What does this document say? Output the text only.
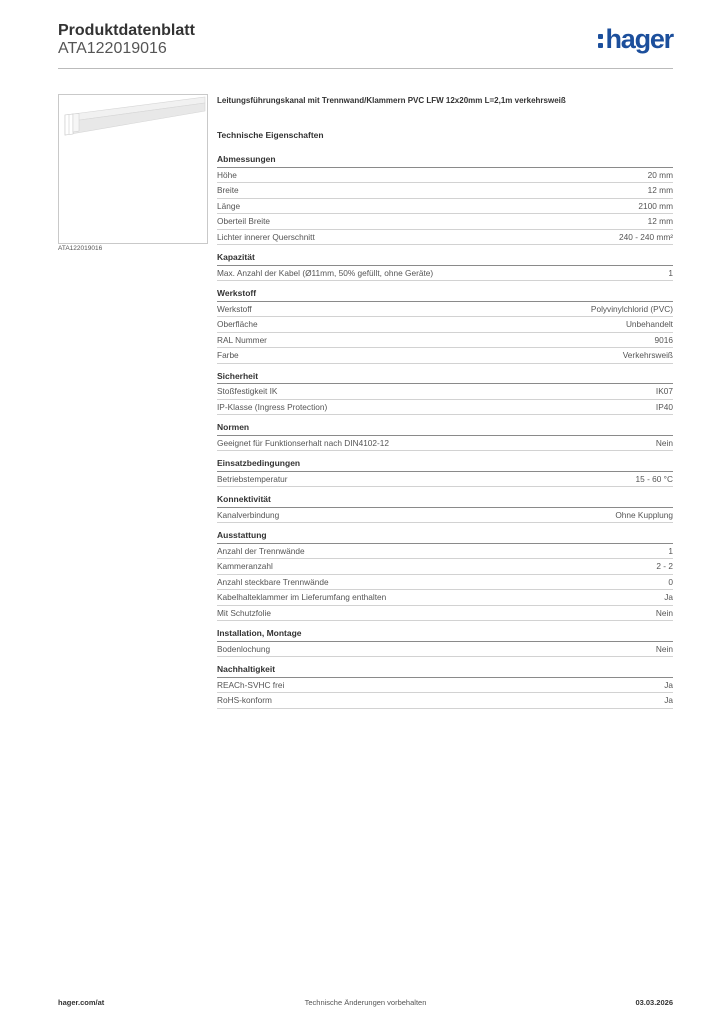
Produktdatenblatt
ATA122019016	hager
ATA122019016
Leitungsführungskanal mit Trennwand/Klammern PVC LFW 12x20mm L=2,1m verkehrsweiß
Technische Eigenschaften
Abmessungen
Höhe	20 mm
Breite	12 mm
Länge	2100 mm
Oberteil Breite	12 mm
Lichter innerer Querschnitt	240 - 240 mm²
Kapazität
Max. Anzahl der Kabel (Ø11mm, 50% gefüllt, ohne Geräte)	1
Werkstoff
Werkstoff	Polyvinylchlorid (PVC)
Oberfläche	Unbehandelt
RAL Nummer	9016
Farbe	Verkehrsweiß
Sicherheit
Stoßfestigkeit IK	IK07
IP-Klasse (Ingress Protection)	IP40
Normen
Geeignet für Funktionserhalt nach DIN4102-12	Nein
Einsatzbedingungen
Betriebstemperatur	15 - 60 °C
Konnektivität
Kanalverbindung	Ohne Kupplung
Ausstattung
Anzahl der Trennwände	1
Kammeranzahl	2 - 2
Anzahl steckbare Trennwände	0
Kabelhalteklammer im Lieferumfang enthalten	Ja
Mit Schutzfolie	Nein
Installation, Montage
Bodenlochung	Nein
Nachhaltigkeit
REACh-SVHC frei	Ja
RoHS-konform	Ja
hager.com/at	Technische Änderungen vorbehalten	03.03.2026
